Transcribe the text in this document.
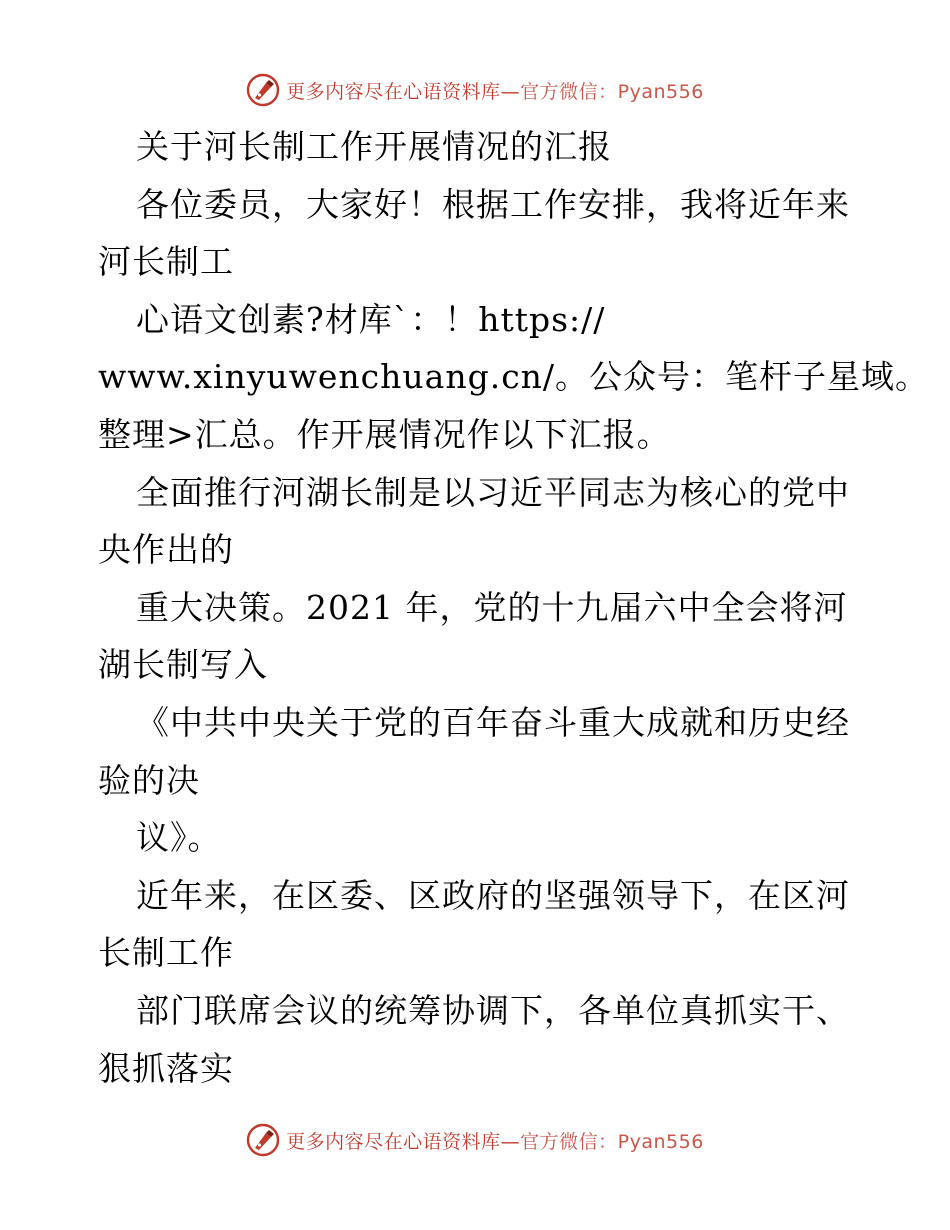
更多内容尽在心语资料库—官方微信：Pyan556
关于河长制工作开展情况的汇报
各位委员，大家好！根据工作安排，我将近年来
河长制工
心语文创素?材库`：！https://
www.xinyuwenchuang.cn/。公众号：笔杆子星域。
整理>汇总。作开展情况作以下汇报。
全面推行河湖长制是以习近平同志为核心的党中
央作出的
重大决策。2021 年，党的十九届六中全会将河
湖长制写入
《中共中央关于党的百年奋斗重大成就和历史经
验的决
议》。
近年来，在区委、区政府的坚强领导下，在区河
长制工作
部门联席会议的统筹协调下，各单位真抓实干、
狠抓落实
更多内容尽在心语资料库—官方微信：Pyan556
